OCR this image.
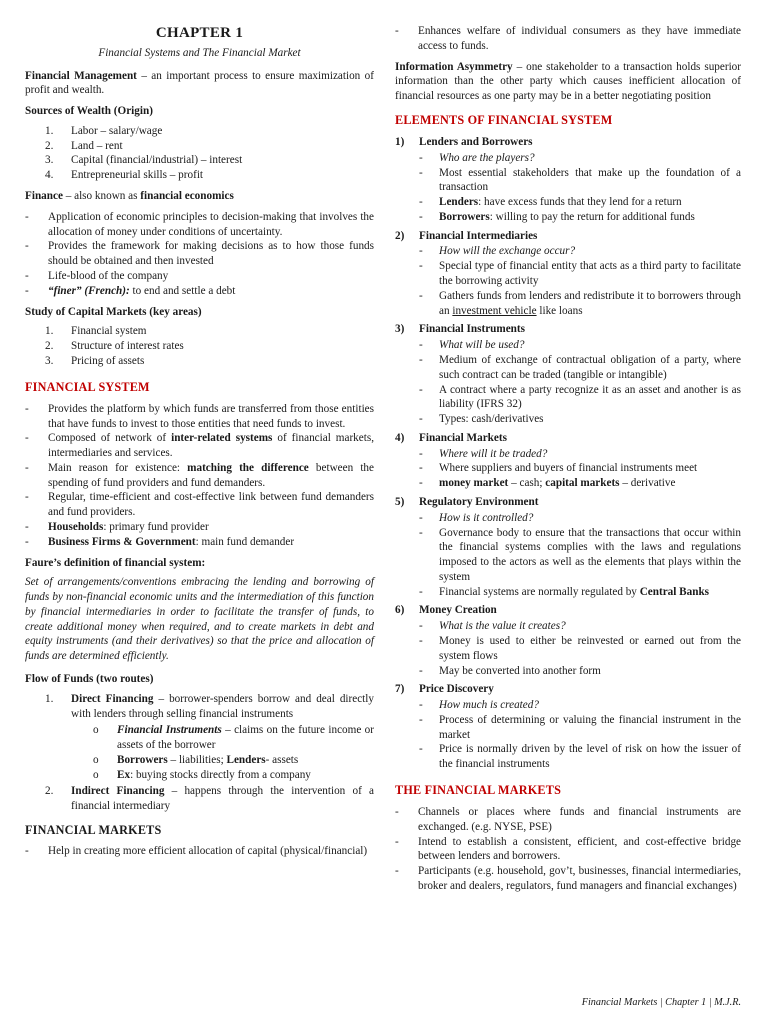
CHAPTER 1
Financial Systems and The Financial Market

Financial Management – an important process to ensure maximization of profit and wealth.

Sources of Wealth (Origin)
1. Labor – salary/wage
2. Land – rent
3. Capital (financial/industrial) – interest
4. Entrepreneurial skills – profit

Finance – also known as financial economics

- Application of economic principles to decision-making that involves the allocation of money under conditions of uncertainty.
- Provides the framework for making decisions as to how those funds should be obtained and then invested
- Life-blood of the company
- “finer” (French): to end and settle a debt
Study of Capital Markets (key areas)
1. Financial system
2. Structure of interest rates
3. Pricing of assets
FINANCIAL SYSTEM
- Provides the platform by which funds are transferred from those entities that have funds to invest to those entities that need funds to invest.
- Composed of network of inter-related systems of financial markets, intermediaries and services.
- Main reason for existence: matching the difference between the spending of fund providers and fund demanders.
- Regular, time-efficient and cost-effective link between fund demanders and fund providers.
- Households: primary fund provider
- Business Firms & Government: main fund demander
Faure’s definition of financial system:
Set of arrangements/conventions embracing the lending and borrowing of funds by non-financial economic units and the intermediation of this function by financial intermediaries in order to facilitate the transfer of funds, to create additional money when required, and to create markets in debt and equity instruments (and their derivatives) so that the price and allocation of funds are determined efficiently.
Flow of Funds (two routes)
1. Direct Financing – borrower-spenders borrow and deal directly with lenders through selling financial instruments
o Financial Instruments – claims on the future income or assets of the borrower
o Borrowers – liabilities; Lenders- assets
o Ex: buying stocks directly from a company
2. Indirect Financing – happens through the intervention of a financial intermediary
FINANCIAL MARKETS
- Help in creating more efficient allocation of capital (physical/financial)
- Enhances welfare of individual consumers as they have immediate access to funds.

Information Asymmetry – one stakeholder to a transaction holds superior information than the other party which causes inefficient allocation of financial resources as one party may be in a better negotiating position

ELEMENTS OF FINANCIAL SYSTEM
1) Lenders and Borrowers
- Who are the players?
- Most essential stakeholders that make up the foundation of a transaction
- Lenders: have excess funds that they lend for a return
- Borrowers: willing to pay the return for additional funds
2) Financial Intermediaries
- How will the exchange occur?
- Special type of financial entity that acts as a third party to facilitate the borrowing activity
- Gathers funds from lenders and redistribute it to borrowers through an investment vehicle like loans
3) Financial Instruments
- What will be used?
- Medium of exchange of contractual obligation of a party, where such contract can be traded (tangible or intangible)
- A contract where a party recognize it as an asset and another is as liability (IFRS 32)
- Types: cash/derivatives
4) Financial Markets
- Where will it be traded?
- Where suppliers and buyers of financial instruments meet
- money market – cash; capital markets – derivative
5) Regulatory Environment
- How is it controlled?
- Governance body to ensure that the transactions that occur within the financial systems complies with the laws and regulations imposed to the actors as well as the elements that plays within the system
- Financial systems are normally regulated by Central Banks
6) Money Creation
- What is the value it creates?
- Money is used to either be reinvested or earned out from the system flows
- May be converted into another form
7) Price Discovery
- How much is created?
- Process of determining or valuing the financial instrument in the market
- Price is normally driven by the level of risk on how the issuer of the financial instruments
THE FINANCIAL MARKETS
- Channels or places where funds and financial instruments are exchanged. (e.g. NYSE, PSE)
- Intend to establish a consistent, efficient, and cost-effective bridge between lenders and borrowers.
- Participants (e.g. household, gov’t, businesses, financial intermediaries, broker and dealers, regulators, fund managers and financial exchanges)
Financial Markets | Chapter 1 | M.J.R.
